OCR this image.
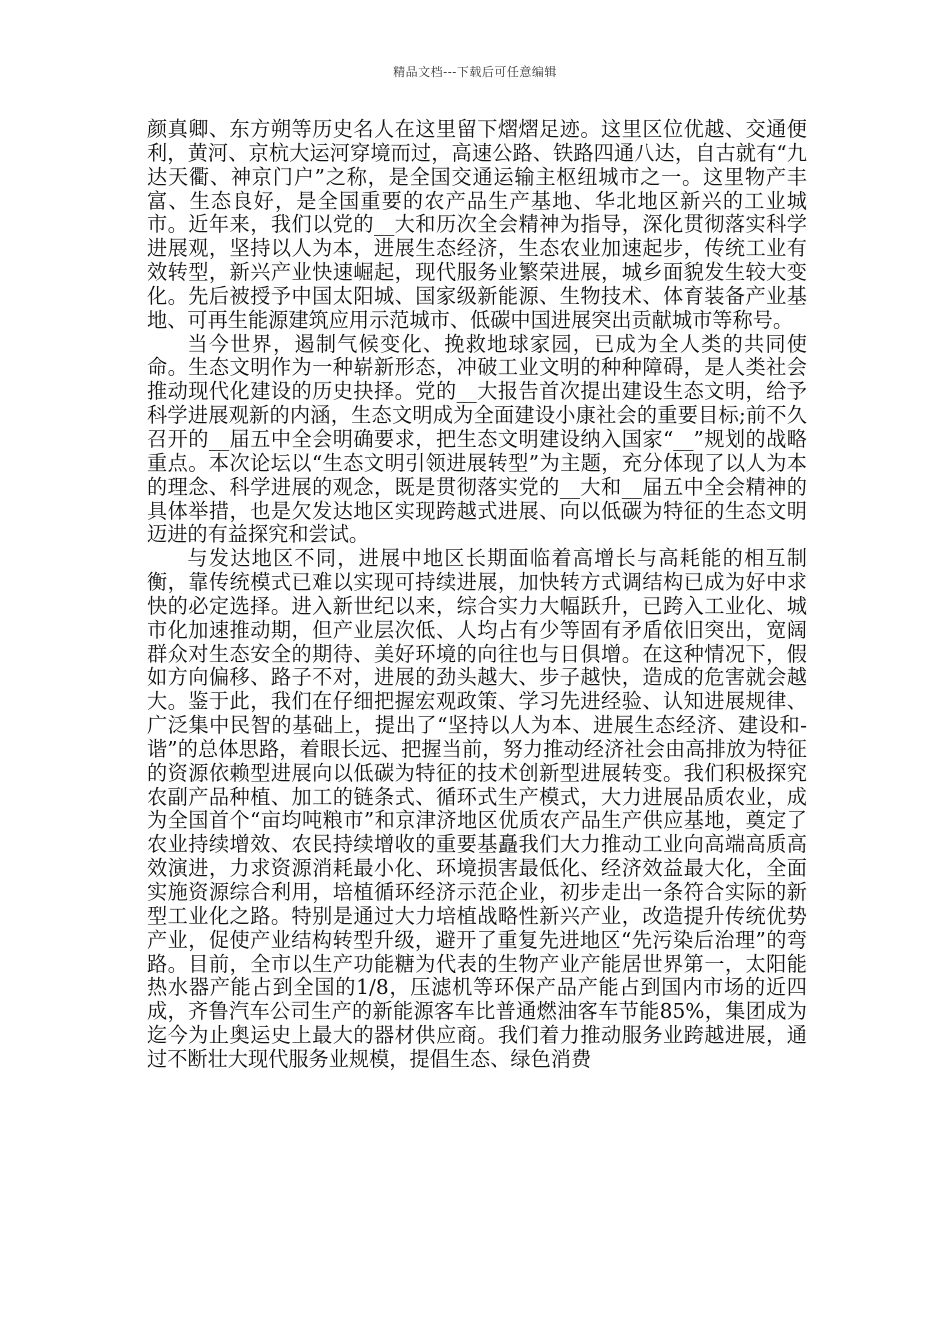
精品文档---下载后可任意编辑

颜真卿、东方朔等历史名人在这里留下熠熠足迹。这里区位优越、交通便利，黄河、京杭大运河穿境而过，高速公路、铁路四通八达，自古就有“九达天衢、神京门户”之称，是全国交通运输主枢纽城市之一。这里物产丰富、生态良好，是全国重要的农产品生产基地、华北地区新兴的工业城市。近年来，我们以党的__大和历次全会精神为指导，深化贯彻落实科学进展观，坚持以人为本，进展生态经济，生态农业加速起步，传统工业有效转型，新兴产业快速崛起，现代服务业繁荣进展，城乡面貌发生较大变化。先后被授予中国太阳城、国家级新能源、生物技术、体育装备产业基地、可再生能源建筑应用示范城市、低碳中国进展突出贡献城市等称号。

当今世界，遏制气候变化、挽救地球家园，已成为全人类的共同使命。生态文明作为一种崭新形态，冲破工业文明的种种障碍，是人类社会推动现代化建设的历史抉择。党的__大报告首次提出建设生态文明，给予科学进展观新的内涵，生态文明成为全面建设小康社会的重要目标;前不久召开的__届五中全会明确要求，把生态文明建设纳入国家“__”规划的战略重点。本次论坛以“生态文明引领进展转型”为主题，充分体现了以人为本的理念、科学进展的观念，既是贯彻落实党的__大和__届五中全会精神的具体举措，也是欠发达地区实现跨越式进展、向以低碳为特征的生态文明迈进的有益探究和尝试。

与发达地区不同，进展中地区长期面临着高增长与高耗能的相互制衡，靠传统模式已难以实现可持续进展，加快转方式调结构已成为好中求快的必定选择。进入新世纪以来，综合实力大幅跃升，已跨入工业化、城市化加速推动期，但产业层次低、人均占有少等固有矛盾依旧突出，宽阔群众对生态安全的期待、美好环境的向往也与日俱增。在这种情况下，假如方向偏移、路子不对，进展的劲头越大、步子越快，造成的危害就会越大。鉴于此，我们在仔细把握宏观政策、学习先进经验、认知进展规律、广泛集中民智的基础上，提出了“坚持以人为本、进展生态经济、建设和-谐”的总体思路，着眼长远、把握当前，努力推动经济社会由高排放为特征的资源依赖型进展向以低碳为特征的技术创新型进展转变。我们积极探究农副产品种植、加工的链条式、循环式生产模式，大力进展品质农业，成为全国首个“亩均吨粮市”和京津济地区优质农产品生产供应基地，奠定了农业持续增效、农民持续增收的重要基矗我们大力推动工业向高端高质高效演进，力求资源消耗最小化、环境损害最低化、经济效益最大化，全面实施资源综合利用，培植循环经济示范企业，初步走出一条符合实际的新型工业化之路。特别是通过大力培植战略性新兴产业，改造提升传统优势产业，促使产业结构转型升级，避开了重复先进地区“先污染后治理”的弯路。目前，全市以生产功能糖为代表的生物产业产能居世界第一，太阳能热水器产能占到全国的1/8，压滤机等环保产品产能占到国内市场的近四成，齐鲁汽车公司生产的新能源客车比普通燃油客车节能85%，集团成为迄今为止奥运史上最大的器材供应商。我们着力推动服务业跨越进展，通过不断壮大现代服务业规模，提倡生态、绿色消费
